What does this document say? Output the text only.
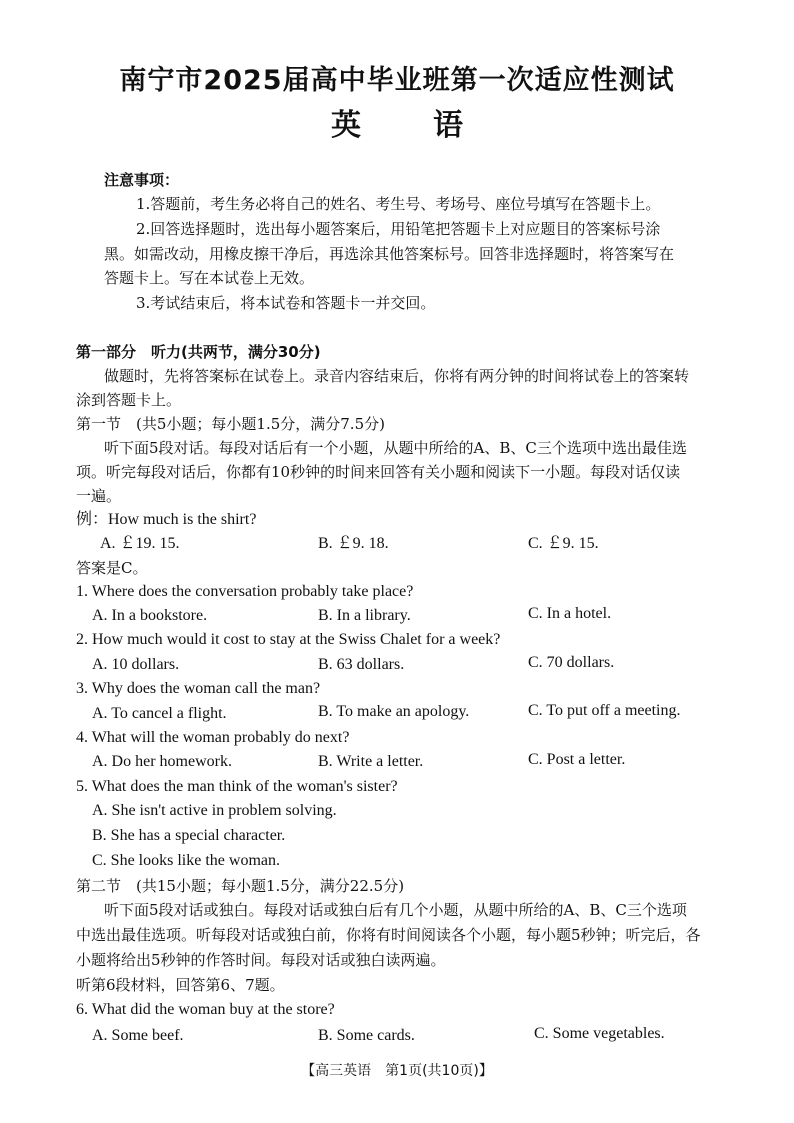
南宁市2025届高中毕业班第一次适应性测试
英语
注意事项：
1.答题前，考生务必将自己的姓名、考生号、考场号、座位号填写在答题卡上。
2.回答选择题时，选出每小题答案后，用铅笔把答题卡上对应题目的答案标号涂
黑。如需改动，用橡皮擦干净后，再选涂其他答案标号。回答非选择题时，将答案写在
答题卡上。写在本试卷上无效。
3.考试结束后，将本试卷和答题卡一并交回。
第一部分　听力(共两节，满分30分)
做题时，先将答案标在试卷上。录音内容结束后，你将有两分钟的时间将试卷上的答案转
涂到答题卡上。
第一节　(共5小题；每小题1.5分，满分7.5分)
听下面5段对话。每段对话后有一个小题，从题中所给的A、B、C三个选项中选出最佳选
项。听完每段对话后，你都有10秒钟的时间来回答有关小题和阅读下一小题。每段对话仅读
一遍。
例：How much is the shirt?
A. ￡19. 15.	B. ￡9. 18.	C. ￡9. 15.
答案是C。
1. Where does the conversation probably take place?
A. In a bookstore.	B. In a library.	C. In a hotel.
2. How much would it cost to stay at the Swiss Chalet for a week?
A. 10 dollars.	B. 63 dollars.	C. 70 dollars.
3. Why does the woman call the man?
A. To cancel a flight.	B. To make an apology.	C. To put off a meeting.
4. What will the woman probably do next?
A. Do her homework.	B. Write a letter.	C. Post a letter.
5. What does the man think of the woman's sister?
A. She isn't active in problem solving.
B. She has a special character.
C. She looks like the woman.
第二节　(共15小题；每小题1.5分，满分22.5分)
听下面5段对话或独白。每段对话或独白后有几个小题，从题中所给的A、B、C三个选项
中选出最佳选项。听每段对话或独白前，你将有时间阅读各个小题，每小题5秒钟；听完后，各
小题将给出5秒钟的作答时间。每段对话或独白读两遍。
听第6段材料，回答第6、7题。
6. What did the woman buy at the store?
A. Some beef.	B. Some cards.	C. Some vegetables.
【高三英语　第1页(共10页)】
